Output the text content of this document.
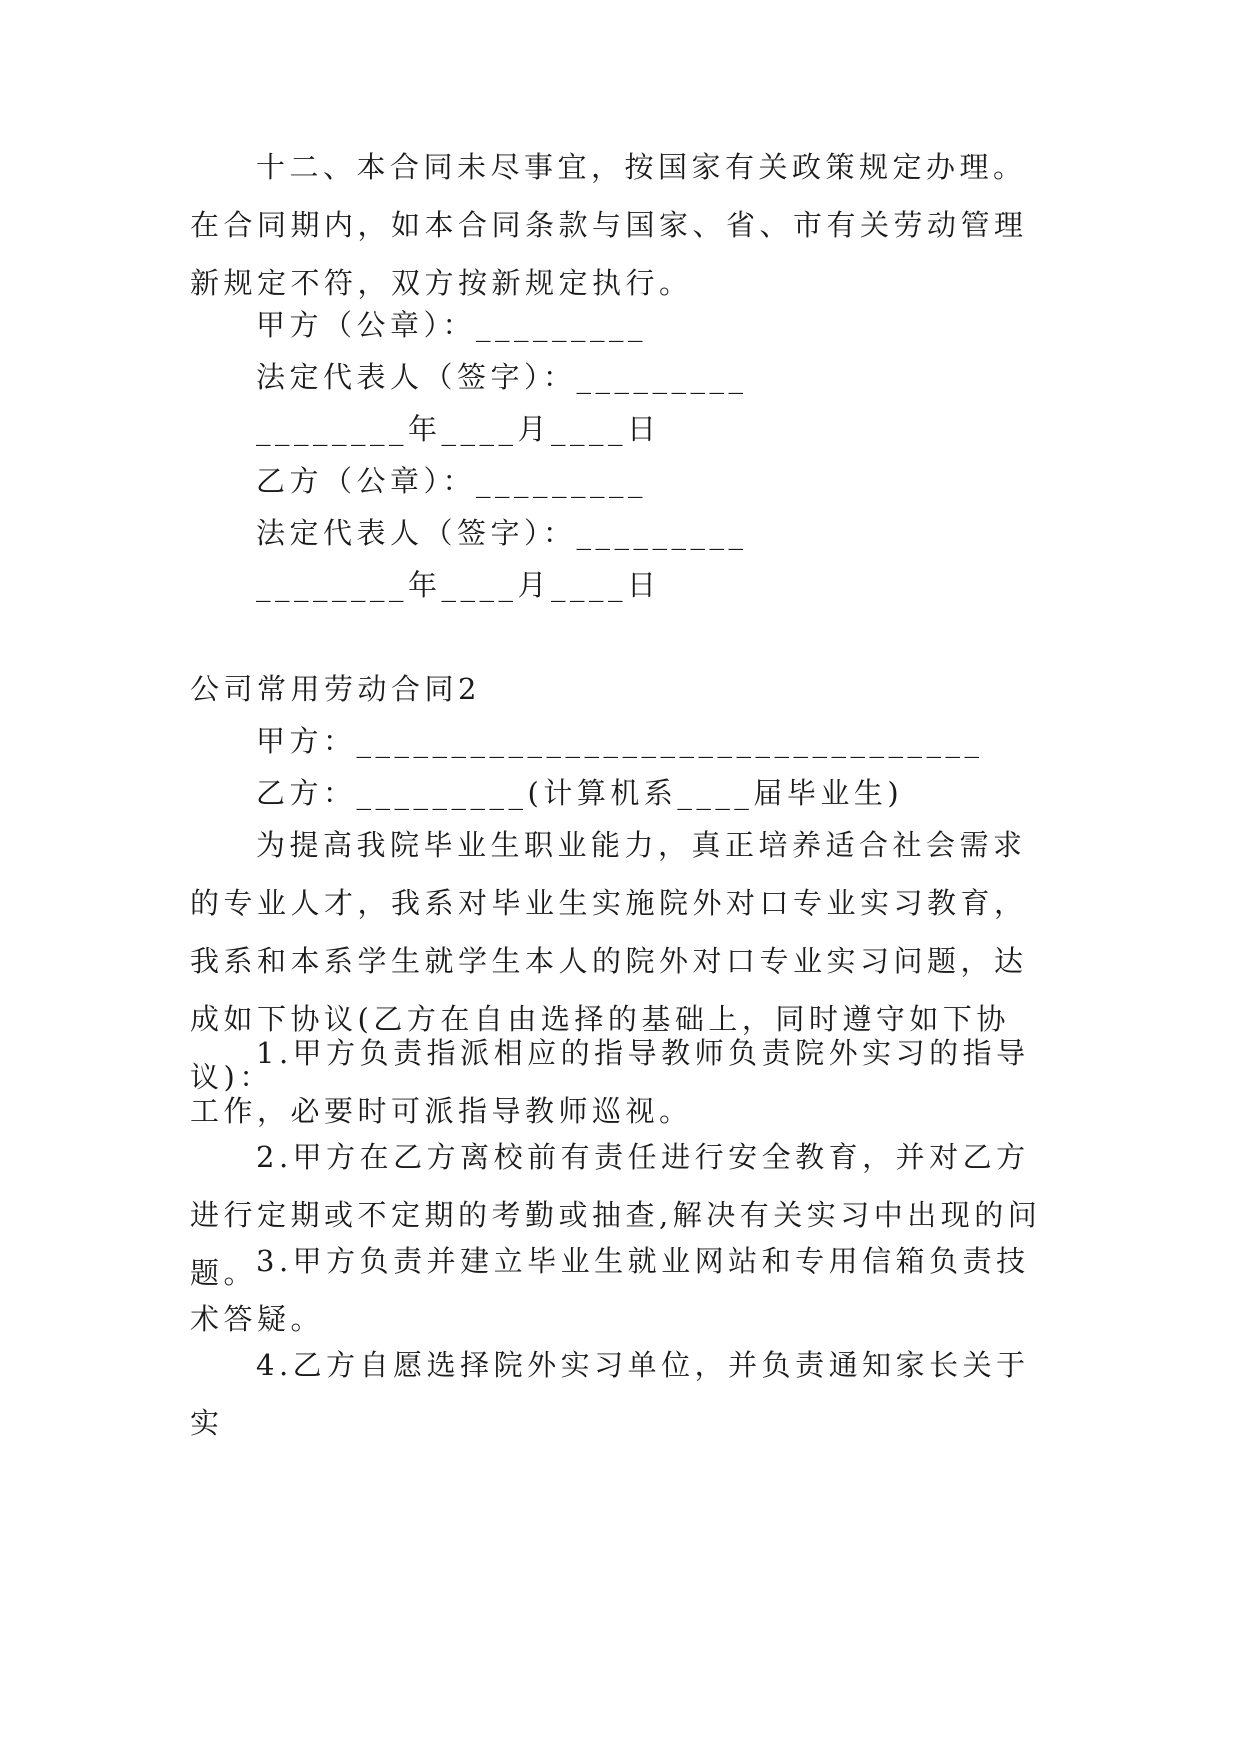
十二、本合同未尽事宜，按国家有关政策规定办理。在合同期内，如本合同条款与国家、省、市有关劳动管理新规定不符，双方按新规定执行。

甲方（公章）：_________

法定代表人（签字）：_________

________年____月____日

乙方（公章）：_________

法定代表人（签字）：_________

________年____月____日

公司常用劳动合同2

甲方：_________________________________

乙方：_________(计算机系____届毕业生)

为提高我院毕业生职业能力，真正培养适合社会需求的专业人才，我系对毕业生实施院外对口专业实习教育，我系和本系学生就学生本人的院外对口专业实习问题，达成如下协议(乙方在自由选择的基础上，同时遵守如下协议)：

1.甲方负责指派相应的指导教师负责院外实习的指导工作，必要时可派指导教师巡视。

2.甲方在乙方离校前有责任进行安全教育，并对乙方进行定期或不定期的考勤或抽查,解决有关实习中出现的问题。

3.甲方负责并建立毕业生就业网站和专用信箱负责技术答疑。

4.乙方自愿选择院外实习单位，并负责通知家长关于实
